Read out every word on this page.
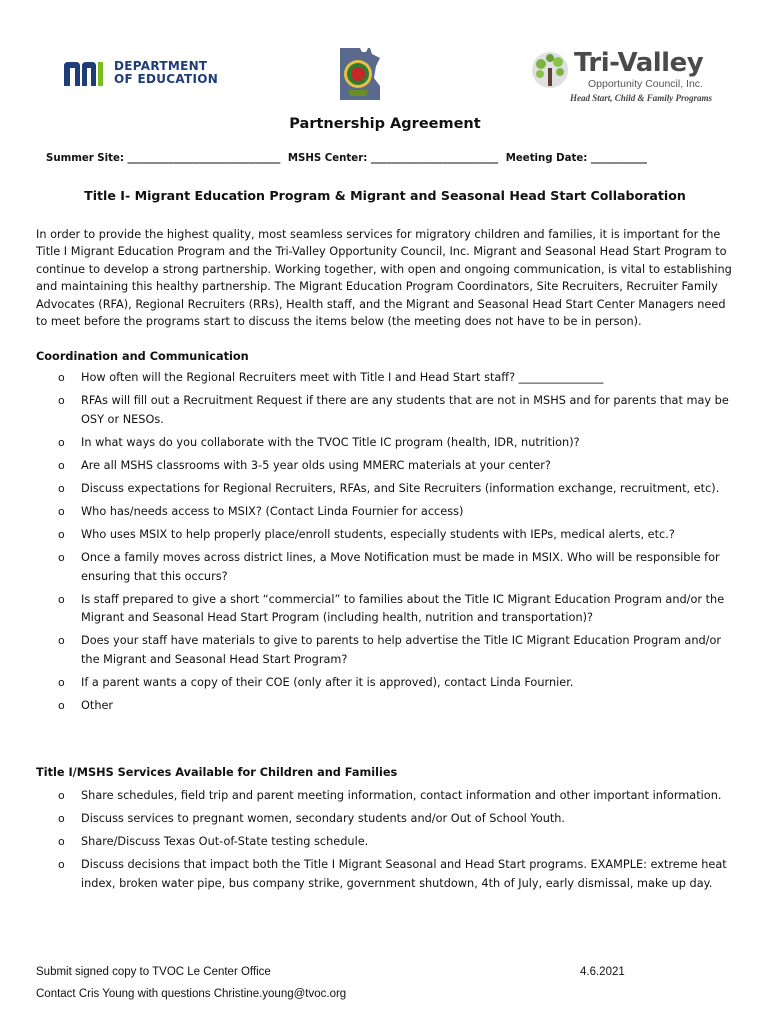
DEPARTMENT
OF EDUCATION
Tri-Valley
Opportunity Council, Inc.
Head Start, Child & Family Programs
Partnership Agreement
Summer Site: ______________________________ MSHS Center: _________________________ Meeting Date: ___________
Title I- Migrant Education Program & Migrant and Seasonal Head Start Collaboration
In order to provide the highest quality, most seamless services for migratory children and families, it is important for the Title I Migrant Education Program and the Tri-Valley Opportunity Council, Inc. Migrant and Seasonal Head Start Program to continue to develop a strong partnership. Working together, with open and ongoing communication, is vital to establishing and maintaining this healthy partnership. The Migrant Education Program Coordinators, Site Recruiters, Recruiter Family Advocates (RFA), Regional Recruiters (RRs), Health staff, and the Migrant and Seasonal Head Start Center Managers need to meet before the programs start to discuss the items below (the meeting does not have to be in person).
Coordination and Communication
o How often will the Regional Recruiters meet with Title I and Head Start staff? _______________
o RFAs will fill out a Recruitment Request if there are any students that are not in MSHS and for parents that may be OSY or NESOs.
o In what ways do you collaborate with the TVOC Title IC program (health, IDR, nutrition)?
o Are all MSHS classrooms with 3-5 year olds using MMERC materials at your center?
o Discuss expectations for Regional Recruiters, RFAs, and Site Recruiters (information exchange, recruitment, etc).
o Who has/needs access to MSIX? (Contact Linda Fournier for access)
o Who uses MSIX to help properly place/enroll students, especially students with IEPs, medical alerts, etc.?
o Once a family moves across district lines, a Move Notification must be made in MSIX. Who will be responsible for ensuring that this occurs?
o Is staff prepared to give a short “commercial” to families about the Title IC Migrant Education Program and/or the Migrant and Seasonal Head Start Program (including health, nutrition and transportation)?
o Does your staff have materials to give to parents to help advertise the Title IC Migrant Education Program and/or the Migrant and Seasonal Head Start Program?
o If a parent wants a copy of their COE (only after it is approved), contact Linda Fournier.
o Other
Title I/MSHS Services Available for Children and Families
o Share schedules, field trip and parent meeting information, contact information and other important information.
o Discuss services to pregnant women, secondary students and/or Out of School Youth.
o Share/Discuss Texas Out-of-State testing schedule.
o Discuss decisions that impact both the Title I Migrant Seasonal and Head Start programs. EXAMPLE: extreme heat index, broken water pipe, bus company strike, government shutdown, 4th of July, early dismissal, make up day.
Submit signed copy to TVOC Le Center Office
Contact Cris Young with questions Christine.young@tvoc.org
4.6.2021
